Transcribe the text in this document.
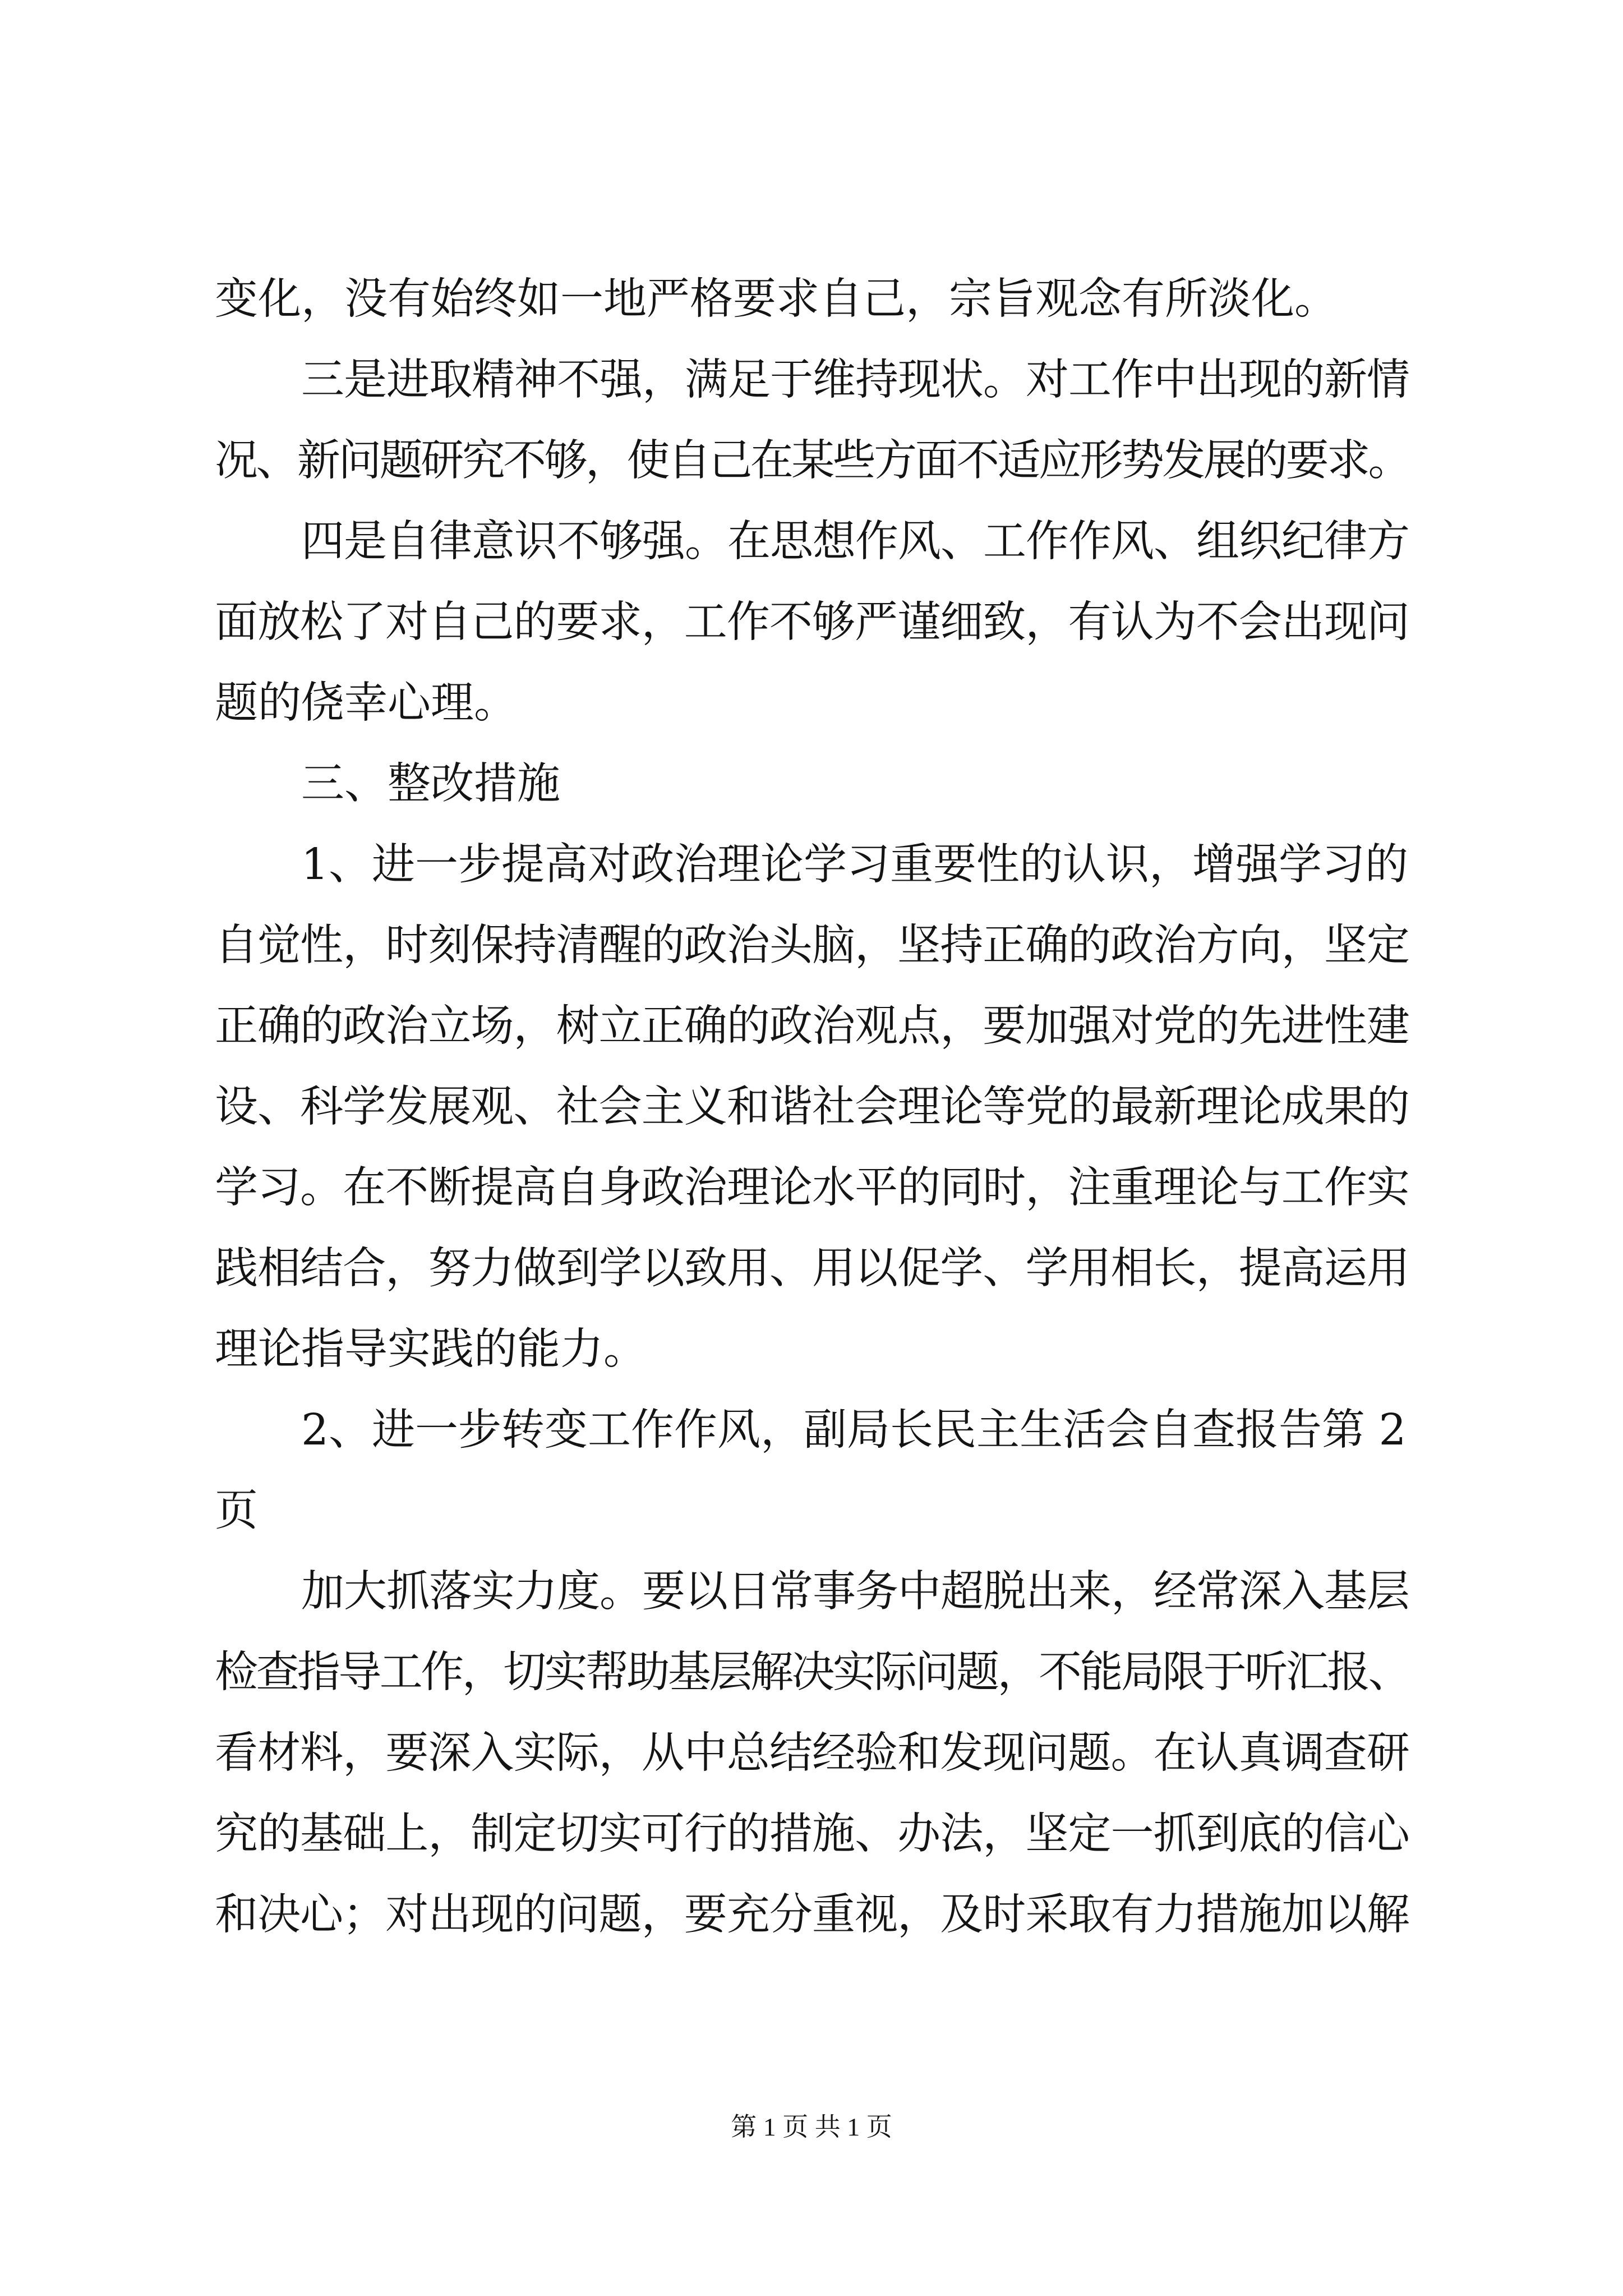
变化，没有始终如一地严格要求自己，宗旨观念有所淡化。
三是进取精神不强，满足于维持现状。对工作中出现的新情
况、新问题研究不够，使自己在某些方面不适应形势发展的要求。
四是自律意识不够强。在思想作风、工作作风、组织纪律方
面放松了对自己的要求，工作不够严谨细致，有认为不会出现问
题的侥幸心理。
三、整改措施
1、进一步提高对政治理论学习重要性的认识，增强学习的
自觉性，时刻保持清醒的政治头脑，坚持正确的政治方向，坚定
正确的政治立场，树立正确的政治观点，要加强对党的先进性建
设、科学发展观、社会主义和谐社会理论等党的最新理论成果的
学习。在不断提高自身政治理论水平的同时，注重理论与工作实
践相结合，努力做到学以致用、用以促学、学用相长，提高运用
理论指导实践的能力。
2、进一步转变工作作风，副局长民主生活会自查报告第 2
页
加大抓落实力度。要以日常事务中超脱出来，经常深入基层
检查指导工作，切实帮助基层解决实际问题，不能局限于听汇报、
看材料，要深入实际，从中总结经验和发现问题。在认真调查研
究的基础上，制定切实可行的措施、办法，坚定一抓到底的信心
和决心；对出现的问题，要充分重视，及时采取有力措施加以解
第 1 页 共 1 页
